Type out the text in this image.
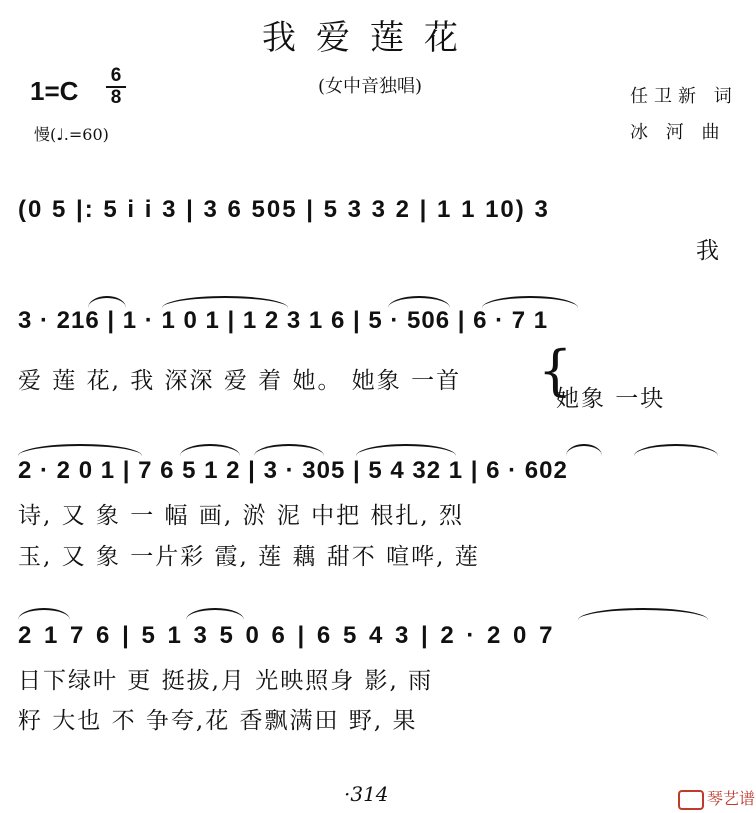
我爱莲花
(女中音独唱)
1=C
6
8
慢(♩.=60)
任卫新 词
冰 河 曲
(0 5 |: 5 i i 3 | 3 6 505 | 5 3 3 2 | 1 1 10) 3
我
3 · 216 | 1 · 1 0 1 | 1 2 3 1 6 | 5 · 506 | 6 · 7 1
爱 莲 花, 我 深深 爱 着 她。 她象 一首
她象 一块
{
2 · 2 0 1 | 7 6 5 1 2 | 3 · 305 | 5 4 32 1 | 6 · 602
诗, 又 象 一 幅 画, 淤 泥 中把 根扎, 烈
玉, 又 象 一片彩 霞, 莲 藕 甜不 喧哗, 莲
2 1 7 6 | 5 1 3 5 0 6 | 6 5 4 3 | 2 · 2 0 7
日下绿叶 更 挺拔,月 光映照身 影, 雨
籽 大也 不 争夸,花 香飘满田 野, 果
·314	琴艺谱
